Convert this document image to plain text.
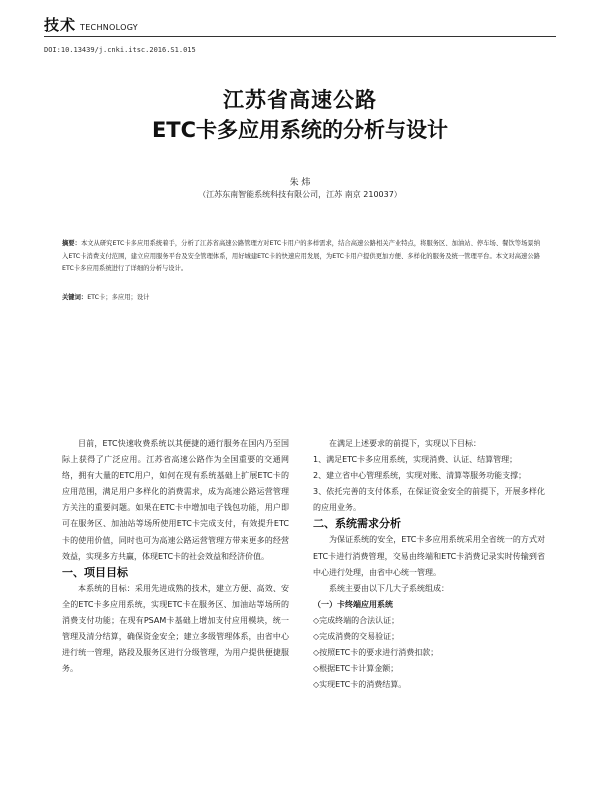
技术 TECHNOLOGY
DOI:10.13439/j.cnki.itsc.2016.S1.015
江苏省高速公路
ETC卡多应用系统的分析与设计
朱 炜
（江苏东南智能系统科技有限公司，江苏 南京 210037）
摘要：本文从研究ETC卡多应用系统着手，分析了江苏省高速公路管理方对ETC卡用户的多样需求，结合高速公路相关产业特点，将服务区、加油站、停车场、餐饮等场景纳入ETC卡消费支付范围，建立应用服务平台及安全管理体系，用好城建ETC卡的快速应用发展，为ETC卡用户提供更加方便、多样化的服务及统一管理平台。本文对高速公路ETC卡多应用系统进行了详细的分析与设计。
关键词：ETC卡；多应用；设计

目前，ETC快速收费系统以其便捷的通行服务在国内乃至国际上获得了广泛应用。江苏省高速公路作为全国重要的交通网络，拥有大量的ETC用户，如何在现有系统基础上扩展ETC卡的应用范围，满足用户多样化的消费需求，成为高速公路运营管理方关注的重要问题。如果在ETC卡中增加电子钱包功能，用户即可在服务区、加油站等场所使用ETC卡完成支付，有效提升ETC卡的使用价值，同时也可为高速公路运营管理方带来更多的经营效益，实现多方共赢，体现ETC卡的社会效益和经济价值。

一、项目目标

本系统的目标：采用先进成熟的技术，建立方便、高效、安全的ETC卡多应用系统，实现ETC卡在服务区、加油站等场所的消费支付功能；在现有PSAM卡基础上增加支付应用模块，统一管理及清分结算，确保资金安全；建立多级管理体系，由省中心进行统一管理，路段及服务区进行分级管理，为用户提供便捷服务。

在满足上述要求的前提下，实现以下目标：

1、满足ETC卡多应用系统，实现消费、认证、结算管理；

2、建立省中心管理系统，实现对账、清算等服务功能支撑；

3、依托完善的支付体系，在保证资金安全的前提下，开展多样化的应用业务。

二、系统需求分析

为保证系统的安全，ETC卡多应用系统采用全省统一的方式对ETC卡进行消费管理，交易由终端和ETC卡消费记录实时传输到省中心进行处理，由省中心统一管理。

系统主要由以下几大子系统组成：

（一）卡终端应用系统

◇完成终端的合法认证；

◇完成消费的交易验证；

◇按照ETC卡的要求进行消费扣款；

◇根据ETC卡计算金额；

◇实现ETC卡的消费结算。
